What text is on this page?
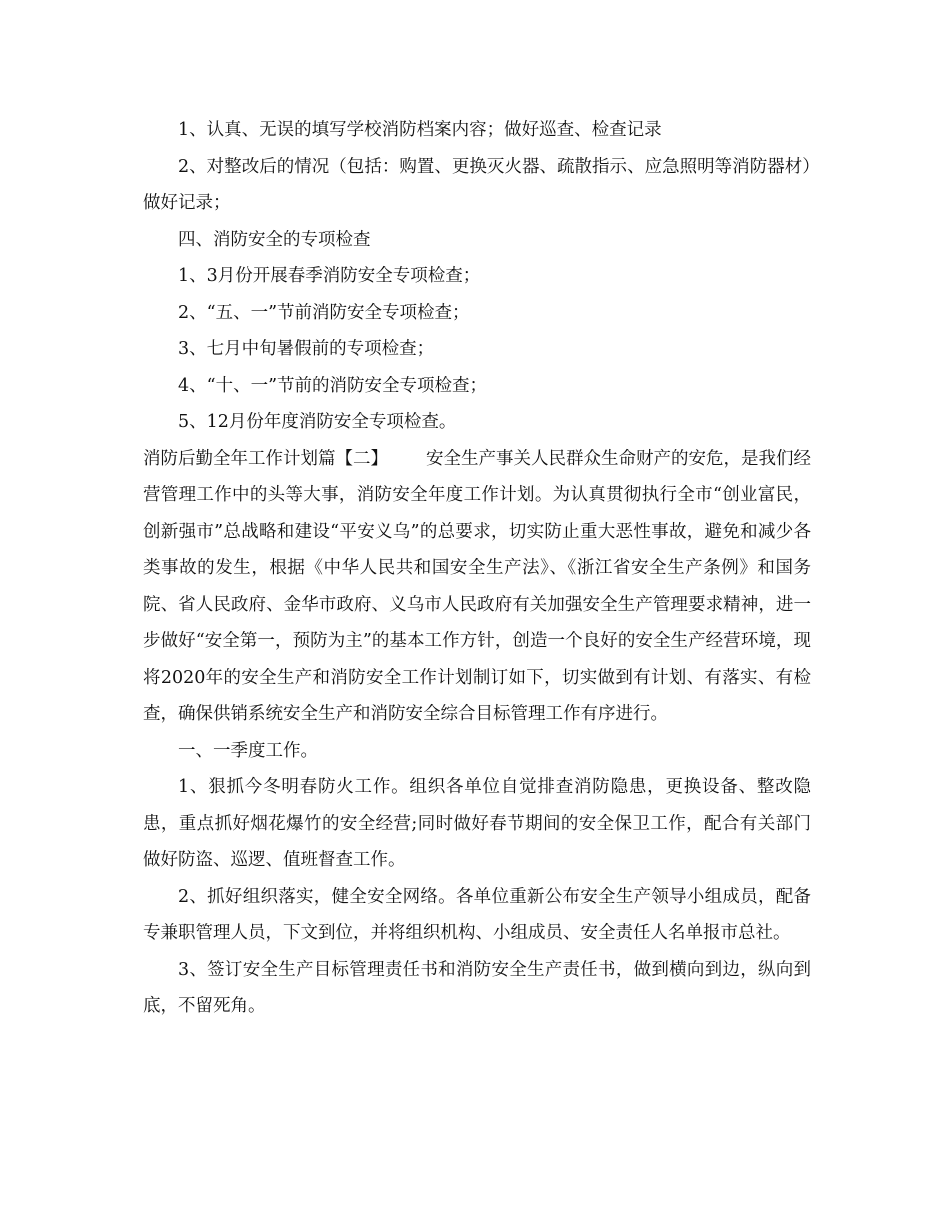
1、认真、无误的填写学校消防档案内容；做好巡查、检查记录

2、对整改后的情况（包括：购置、更换灭火器、疏散指示、应急照明等消防器材）做好记录；

四、消防安全的专项检查

1、3月份开展春季消防安全专项检查；

2、“五、一”节前消防安全专项检查；

3、七月中旬暑假前的专项检查；

4、“十、一”节前的消防安全专项检查；

5、12月份年度消防安全专项检查。

消防后勤全年工作计划篇【二】 安全生产事关人民群众生命财产的安危，是我们经营管理工作中的头等大事，消防安全年度工作计划。为认真贯彻执行全市“创业富民，创新强市”总战略和建设“平安义乌”的总要求，切实防止重大恶性事故，避免和减少各类事故的发生，根据《中华人民共和国安全生产法》、《浙江省安全生产条例》和国务院、省人民政府、金华市政府、义乌市人民政府有关加强安全生产管理要求精神，进一步做好“安全第一，预防为主”的基本工作方针，创造一个良好的安全生产经营环境，现将2020年的安全生产和消防安全工作计划制订如下，切实做到有计划、有落实、有检查，确保供销系统安全生产和消防安全综合目标管理工作有序进行。

一、一季度工作。

1、狠抓今冬明春防火工作。组织各单位自觉排查消防隐患，更换设备、整改隐患，重点抓好烟花爆竹的安全经营;同时做好春节期间的安全保卫工作，配合有关部门做好防盗、巡逻、值班督查工作。

2、抓好组织落实，健全安全网络。各单位重新公布安全生产领导小组成员，配备专兼职管理人员，下文到位，并将组织机构、小组成员、安全责任人名单报市总社。

3、签订安全生产目标管理责任书和消防安全生产责任书，做到横向到边，纵向到底，不留死角。
